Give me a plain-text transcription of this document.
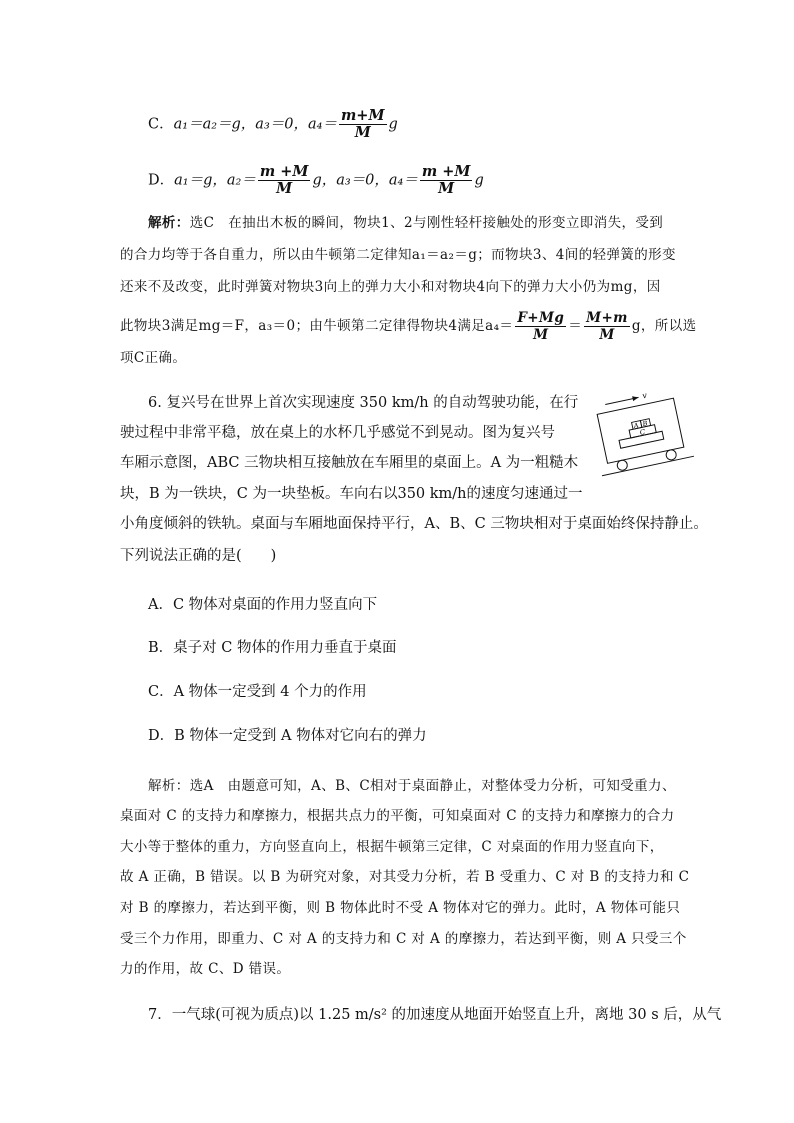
C．a₁＝a₂＝g，a₃＝0，$a_4= \frac{m+M}{M}$ g
D．a₁＝g，$a_2= \frac{m +M}{M}$ g，a₃＝0，$a_4= \frac{m +M}{M}$ g
解析：选C　在抽出木板的瞬间，物块1、2与刚性轻杆接触处的形变立即消失，受到
的合力均等于各自重力，所以由牛顿第二定律知a₁＝a₂＝g；而物块3、4间的轻弹簧的形变
还来不及改变，此时弹簧对物块3向上的弹力大小和对物块4向下的弹力大小仍为mg，因
此物块3满足mg＝F，a₃＝0；由牛顿第二定律得物块4满足$a_4= \frac{F+Mg}{M} = \frac{M+m}{M}$ g，所以选
项C正确。
6. 复兴号在世界上首次实现速度 350 km/h 的自动驾驶功能，在行
驶过程中非常平稳，放在桌上的水杯几乎感觉不到晃动。图为复兴号
车厢示意图，ABC 三物块相互接触放在车厢里的桌面上。A 为一粗糙木
块，B 为一铁块，C 为一块垫板。车向右以350 km/h的速度匀速通过一
小角度倾斜的铁轨。桌面与车厢地面保持平行，A、B、C 三物块相对于桌面始终保持静止。
下列说法正确的是(　　)
v
A B
C
A．C 物体对桌面的作用力竖直向下
B．桌子对 C 物体的作用力垂直于桌面
C．A 物体一定受到 4 个力的作用
D．B 物体一定受到 A 物体对它向右的弹力
解析：选A　由题意可知，A、B、C相对于桌面静止，对整体受力分析，可知受重力、
桌面对 C 的支持力和摩擦力，根据共点力的平衡，可知桌面对 C 的支持力和摩擦力的合力
大小等于整体的重力，方向竖直向上，根据牛顿第三定律，C 对桌面的作用力竖直向下，
故 A 正确，B 错误。以 B 为研究对象，对其受力分析，若 B 受重力、C 对 B 的支持力和 C
对 B 的摩擦力，若达到平衡，则 B 物体此时不受 A 物体对它的弹力。此时，A 物体可能只
受三个力作用，即重力、C 对 A 的支持力和 C 对 A 的摩擦力，若达到平衡，则 A 只受三个
力的作用，故 C、D 错误。
7．一气球(可视为质点)以 1.25 m/s² 的加速度从地面开始竖直上升，离地 30 s 后，从气
